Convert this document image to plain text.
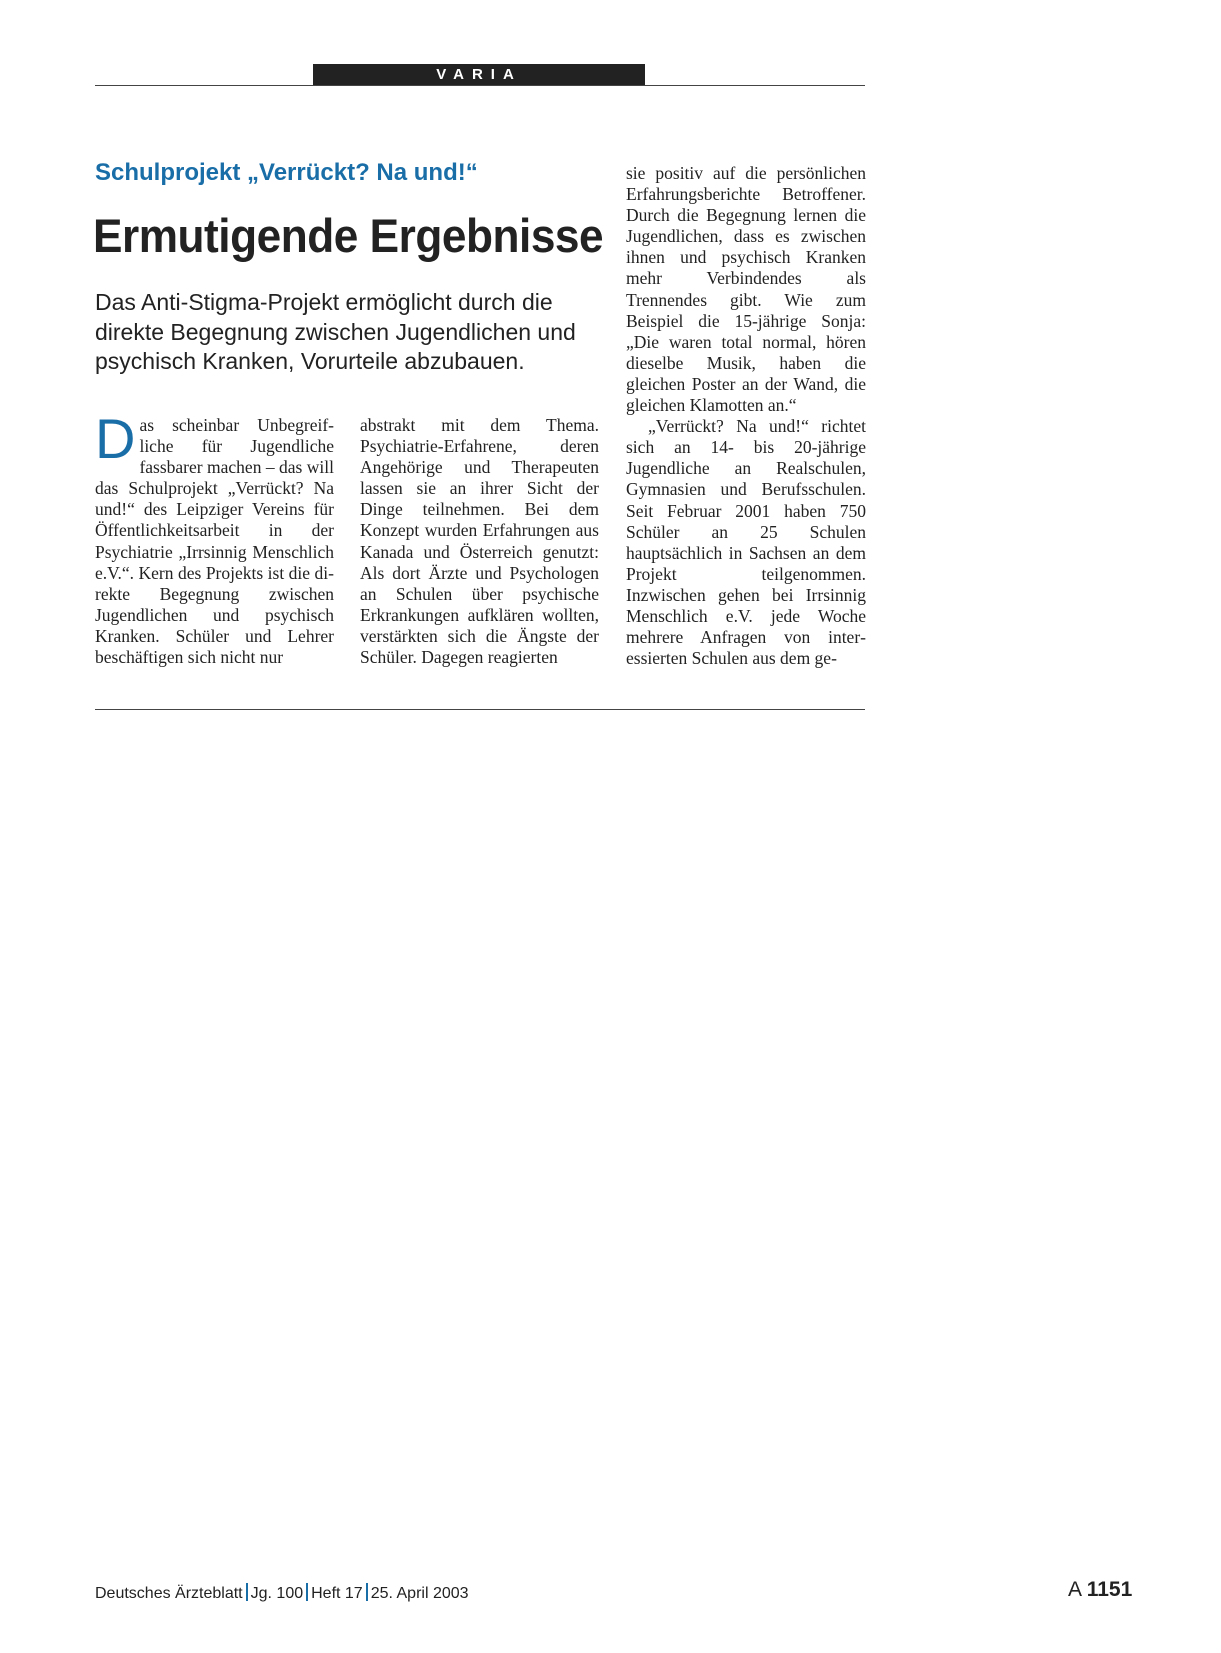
VARIA
Schulprojekt „Verrückt? Na und!“
Ermutigende Ergebnisse
Das Anti-Stigma-Projekt ermöglicht durch die direkte Begegnung zwischen Jugendlichen und psychisch Kranken, Vorurteile abzubauen.
Das scheinbar Unbegreifliche für Jugendliche fassbarer machen – das will das Schulprojekt „Verrückt? Na und!“ des Leipziger Vereins für Öffentlichkeitsarbeit in der Psychiatrie „Irrsinnig Menschlich e.V.“. Kern des Projekts ist die direkte Begegnung zwischen Jugendlichen und psychisch Kranken. Schüler und Lehrer beschäftigen sich nicht nur

abstrakt mit dem Thema. Psychiatrie-Erfahrene, deren Angehörige und Therapeuten lassen sie an ihrer Sicht der Dinge teilnehmen. Bei dem Konzept wurden Erfahrungen aus Kanada und Österreich genutzt: Als dort Ärzte und Psychologen an Schulen über psychische Erkrankungen aufklären wollten, verstärkten sich die Ängste der Schüler. Dagegen reagierten

sie positiv auf die persönlichen Erfahrungsberichte Betroffener. Durch die Begegnung lernen die Jugendlichen, dass es zwischen ihnen und psychisch Kranken mehr Verbindendes als Trennendes gibt. Wie zum Beispiel die 15-jährige Sonja: „Die waren total normal, hören dieselbe Musik, haben die gleichen Poster an der Wand, die gleichen Klamotten an.“

„Verrückt? Na und!“ richtet sich an 14- bis 20-jährige Jugendliche an Realschulen, Gymnasien und Berufsschulen. Seit Februar 2001 haben 750 Schüler an 25 Schulen hauptsächlich in Sachsen an dem Projekt teilgenommen. Inzwischen gehen bei Irrsinnig Menschlich e.V. jede Woche mehrere Anfragen von interessierten Schulen aus dem ge-

Deutsches Ärzteblatt Jg. 100 Heft 17 25. April 2003	A 1151
